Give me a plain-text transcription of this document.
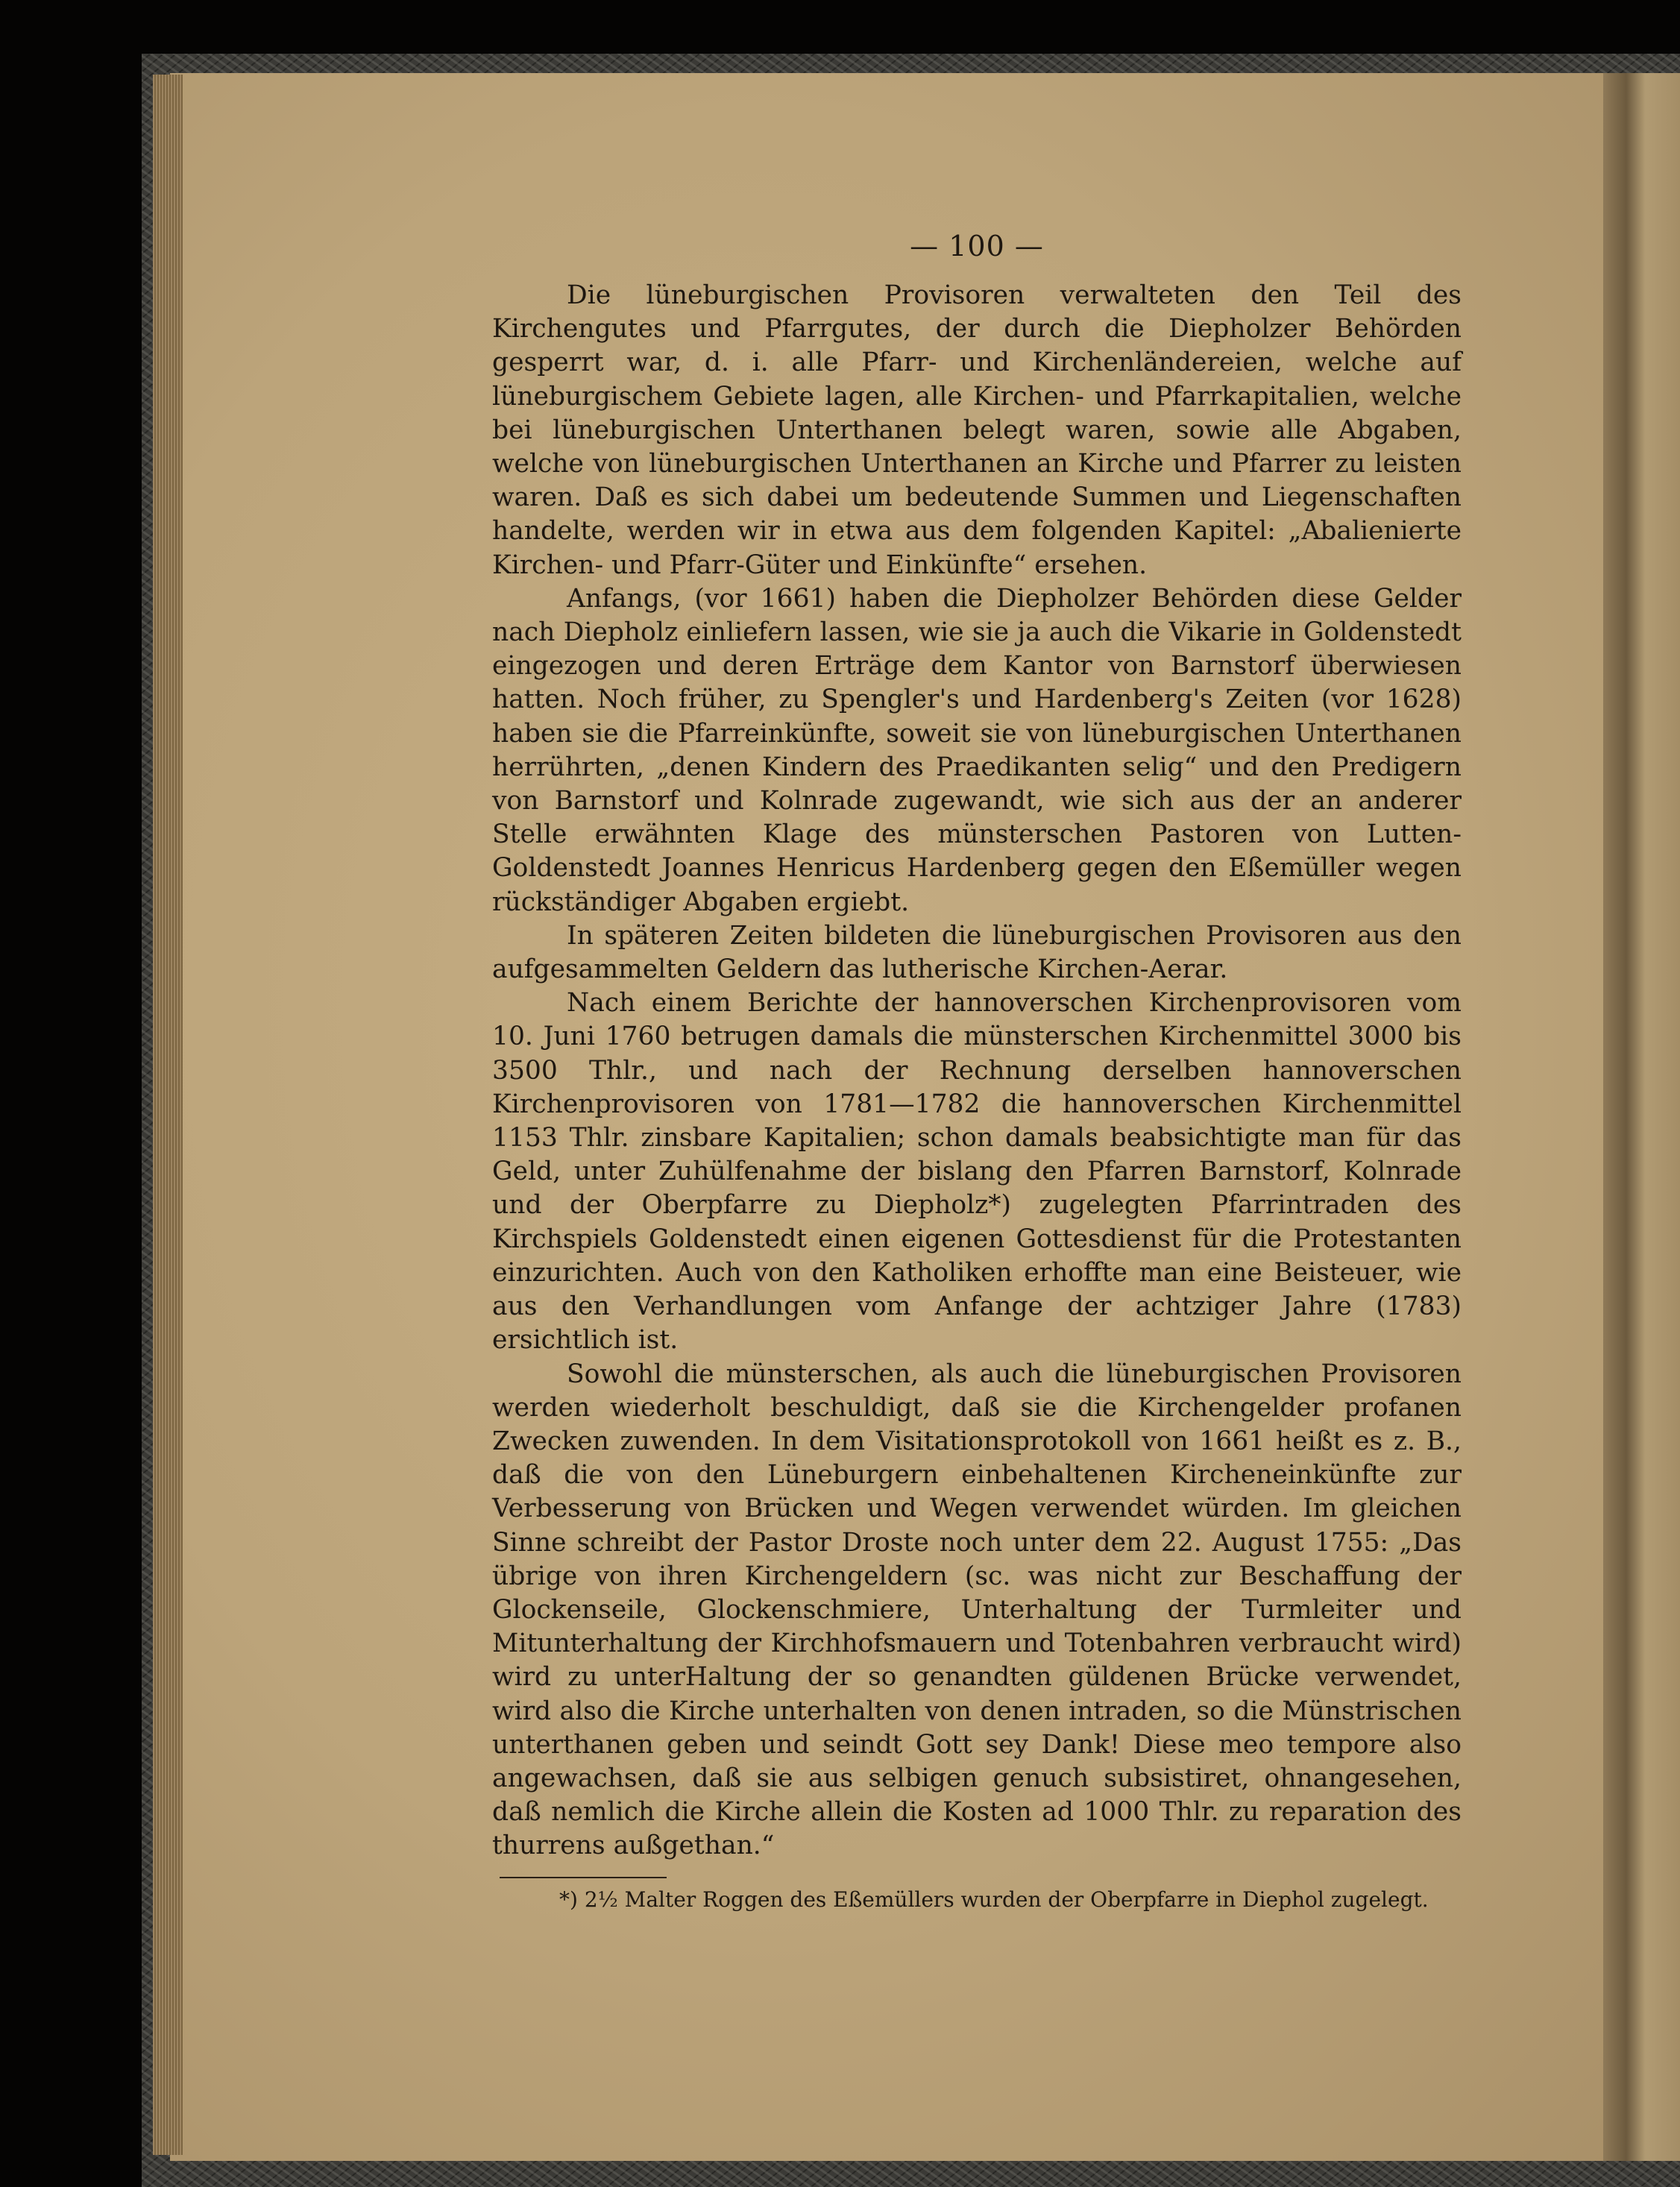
— 100 —

Die lüneburgischen Provisoren verwalteten den Teil des Kirchengutes und Pfarrgutes, der durch die Diepholzer Behörden gesperrt war, d. i. alle Pfarr- und Kirchenländereien, welche auf lüneburgischem Gebiete lagen, alle Kirchen- und Pfarrkapitalien, welche bei lüneburgischen Unterthanen belegt waren, sowie alle Abgaben, welche von lüneburgischen Unterthanen an Kirche und Pfarrer zu leisten waren. Daß es sich dabei um bedeutende Summen und Liegenschaften handelte, werden wir in etwa aus dem folgenden Kapitel: „Abalienierte Kirchen- und Pfarr-Güter und Einkünfte“ ersehen.

Anfangs, (vor 1661) haben die Diepholzer Behörden diese Gelder nach Diepholz einliefern lassen, wie sie ja auch die Vikarie in Goldenstedt eingezogen und deren Erträge dem Kantor von Barnstorf überwiesen hatten. Noch früher, zu Spengler's und Hardenberg's Zeiten (vor 1628) haben sie die Pfarreinkünfte, soweit sie von lüneburgischen Unterthanen herrührten, „denen Kindern des Praedikanten selig“ und den Predigern von Barnstorf und Kolnrade zugewandt, wie sich aus der an anderer Stelle erwähnten Klage des münsterschen Pastoren von Lutten-Goldenstedt Joannes Henricus Hardenberg gegen den Eßemüller wegen rückständiger Abgaben ergiebt.

In späteren Zeiten bildeten die lüneburgischen Provisoren aus den aufgesammelten Geldern das lutherische Kirchen-Aerar.

Nach einem Berichte der hannoverschen Kirchenprovisoren vom 10. Juni 1760 betrugen damals die münsterschen Kirchenmittel 3000 bis 3500 Thlr., und nach der Rechnung derselben hannoverschen Kirchenprovisoren von 1781—1782 die hannoverschen Kirchenmittel 1153 Thlr. zinsbare Kapitalien; schon damals beabsichtigte man für das Geld, unter Zuhülfenahme der bislang den Pfarren Barnstorf, Kolnrade und der Oberpfarre zu Diepholz*) zugelegten Pfarrintraden des Kirchspiels Goldenstedt einen eigenen Gottesdienst für die Protestanten einzurichten. Auch von den Katholiken erhoffte man eine Beisteuer, wie aus den Verhandlungen vom Anfange der achtziger Jahre (1783) ersichtlich ist.

Sowohl die münsterschen, als auch die lüneburgischen Provisoren werden wiederholt beschuldigt, daß sie die Kirchengelder profanen Zwecken zuwenden. In dem Visitationsprotokoll von 1661 heißt es z. B., daß die von den Lüneburgern einbehaltenen Kircheneinkünfte zur Verbesserung von Brücken und Wegen verwendet würden. Im gleichen Sinne schreibt der Pastor Droste noch unter dem 22. August 1755: „Das übrige von ihren Kirchengeldern (sc. was nicht zur Beschaffung der Glockenseile, Glockenschmiere, Unterhaltung der Turmleiter und Mitunterhaltung der Kirchhofsmauern und Totenbahren verbraucht wird) wird zu unterHaltung der so genandten güldenen Brücke verwendet, wird also die Kirche unterhalten von denen intraden, so die Münstrischen unterthanen geben und seindt Gott sey Dank! Diese meo tempore also angewachsen, daß sie aus selbigen genuch subsistiret, ohnangesehen, daß nemlich die Kirche allein die Kosten ad 1000 Thlr. zu reparation des thurrens außgethan.“

*) 2½ Malter Roggen des Eßemüllers wurden der Oberpfarre in Diephol zugelegt.
